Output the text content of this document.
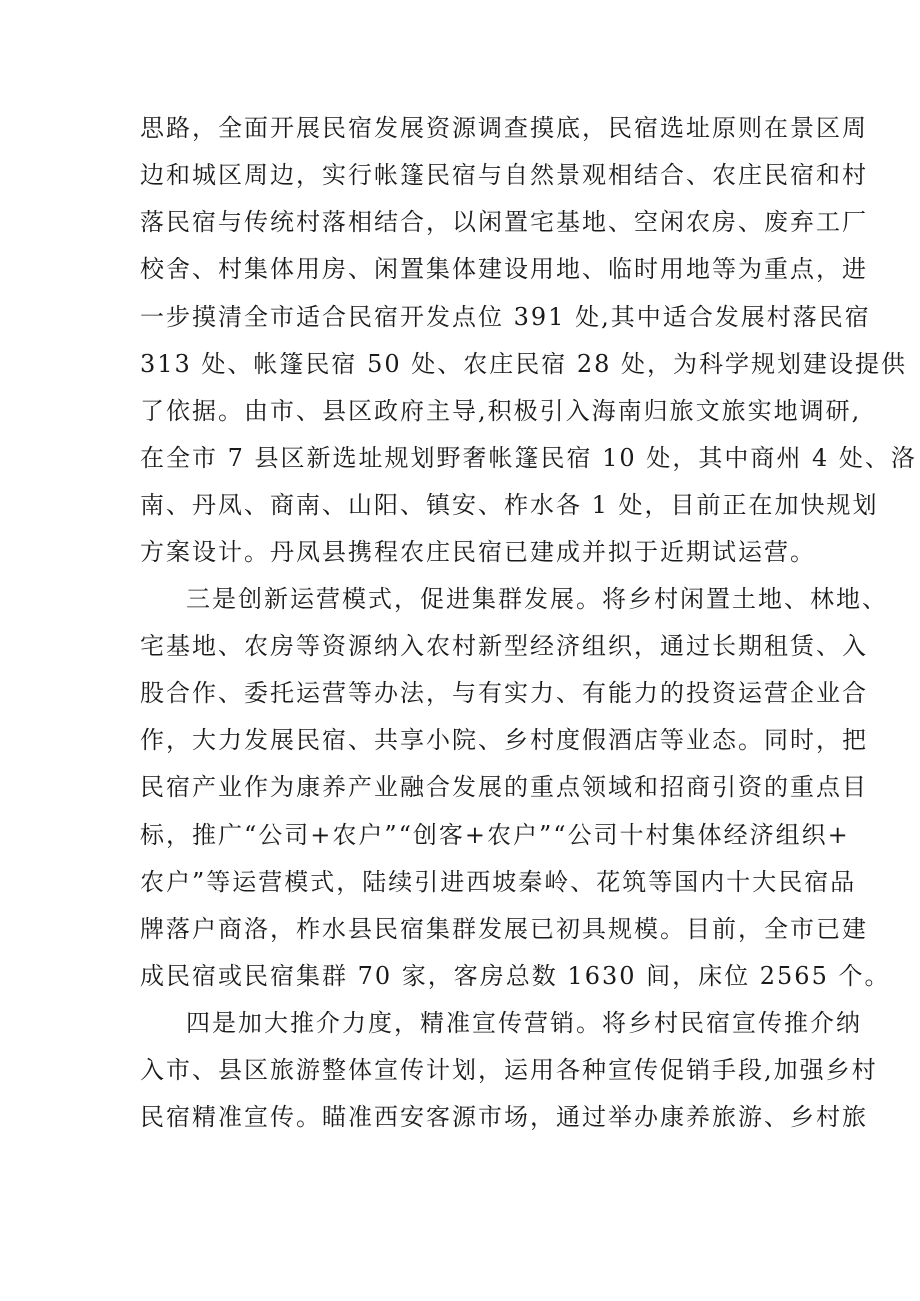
思路，全面开展民宿发展资源调查摸底，民宿选址原则在景区周
边和城区周边，实行帐篷民宿与自然景观相结合、农庄民宿和村
落民宿与传统村落相结合，以闲置宅基地、空闲农房、废弃工厂
校舍、村集体用房、闲置集体建设用地、临时用地等为重点，进
一步摸清全市适合民宿开发点位 391 处,其中适合发展村落民宿
313 处、帐篷民宿 50 处、农庄民宿 28 处，为科学规划建设提供
了依据。由市、县区政府主导,积极引入海南归旅文旅实地调研,
在全市 7 县区新选址规划野奢帐篷民宿 10 处，其中商州 4 处、洛
南、丹凤、商南、山阳、镇安、柞水各 1 处，目前正在加快规划
方案设计。丹凤县携程农庄民宿已建成并拟于近期试运营。
三是创新运营模式，促进集群发展。将乡村闲置土地、林地、
宅基地、农房等资源纳入农村新型经济组织，通过长期租赁、入
股合作、委托运营等办法，与有实力、有能力的投资运营企业合
作，大力发展民宿、共享小院、乡村度假酒店等业态。同时，把
民宿产业作为康养产业融合发展的重点领域和招商引资的重点目
标，推广“公司+农户”“创客+农户”“公司十村集体经济组织+
农户”等运营模式，陆续引进西坡秦岭、花筑等国内十大民宿品
牌落户商洛，柞水县民宿集群发展已初具规模。目前，全市已建
成民宿或民宿集群 70 家，客房总数 1630 间，床位 2565 个。
四是加大推介力度，精准宣传营销。将乡村民宿宣传推介纳
入市、县区旅游整体宣传计划，运用各种宣传促销手段,加强乡村
民宿精准宣传。瞄准西安客源市场，通过举办康养旅游、乡村旅
